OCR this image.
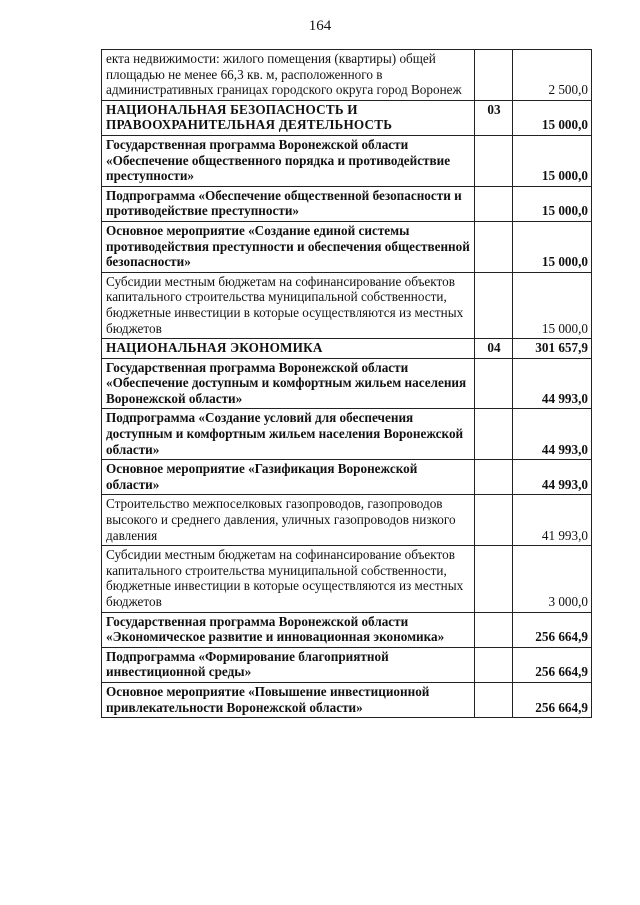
164
екта недвижимости: жилого помещения (квартиры) общей площадью не менее 66,3 кв. м, расположенного в административных границах городского округа город Воронеж		2 500,0
НАЦИОНАЛЬНАЯ БЕЗОПАСНОСТЬ И ПРАВООХРАНИТЕЛЬНАЯ ДЕЯТЕЛЬНОСТЬ	03	15 000,0
Государственная программа Воронежской области «Обеспечение общественного порядка и противодействие преступности»		15 000,0
Подпрограмма «Обеспечение общественной безопасности и противодействие преступности»		15 000,0
Основное мероприятие «Создание единой системы противодействия преступности и обеспечения общественной безопасности»		15 000,0
Субсидии местным бюджетам на софинансирование объектов капитального строительства муниципальной собственности, бюджетные инвестиции в которые осуществляются из местных бюджетов		15 000,0
НАЦИОНАЛЬНАЯ ЭКОНОМИКА	04	301 657,9
Государственная программа Воронежской области «Обеспечение доступным и комфортным жильем населения Воронежской области»		44 993,0
Подпрограмма «Создание условий для обеспечения доступным и комфортным жильем населения Воронежской области»		44 993,0
Основное мероприятие «Газификация Воронежской области»		44 993,0
Строительство межпоселковых газопроводов, газопроводов высокого и среднего давления, уличных газопроводов низкого давления		41 993,0
Субсидии местным бюджетам на софинансирование объектов капитального строительства муниципальной собственности, бюджетные инвестиции в которые осуществляются из местных бюджетов		3 000,0
Государственная программа Воронежской области «Экономическое развитие и инновационная экономика»		256 664,9
Подпрограмма «Формирование благоприятной инвестиционной среды»		256 664,9
Основное мероприятие «Повышение инвестиционной привлекательности Воронежской области»		256 664,9
